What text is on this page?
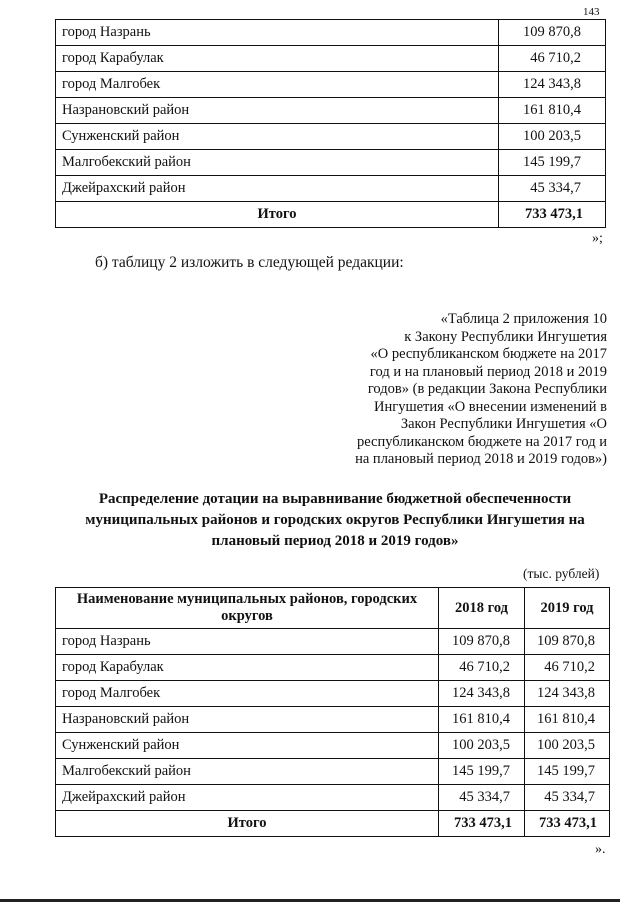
143
город Назрань	109 870,8
город Карабулак	46 710,2
город Малгобек	124 343,8
Назрановский район	161 810,4
Сунженский район	100 203,5
Малгобекский район	145 199,7
Джейрахский район	45 334,7
Итого	733 473,1
»;
б) таблицу 2 изложить в следующей редакции:

«Таблица 2 приложения 10

к Закону Республики Ингушетия

«О республиканском бюджете на 2017

год и на плановый период 2018 и 2019

годов» (в редакции Закона Республики

Ингушетия «О внесении изменений в

Закон Республики Ингушетия «О

республиканском бюджете на 2017 год и

на плановый период 2018 и 2019 годов»)

Распределение дотации на выравнивание бюджетной обеспеченности

муниципальных районов и городских округов Республики Ингушетия на

плановый период 2018 и 2019 годов»

(тыс. рублей)
Наименование муниципальных районов, городских округов	2018 год	2019 год
город Назрань	109 870,8	109 870,8
город Карабулак	46 710,2	46 710,2
город Малгобек	124 343,8	124 343,8
Назрановский район	161 810,4	161 810,4
Сунженский район	100 203,5	100 203,5
Малгобекский район	145 199,7	145 199,7
Джейрахский район	45 334,7	45 334,7
Итого	733 473,1	733 473,1
».
